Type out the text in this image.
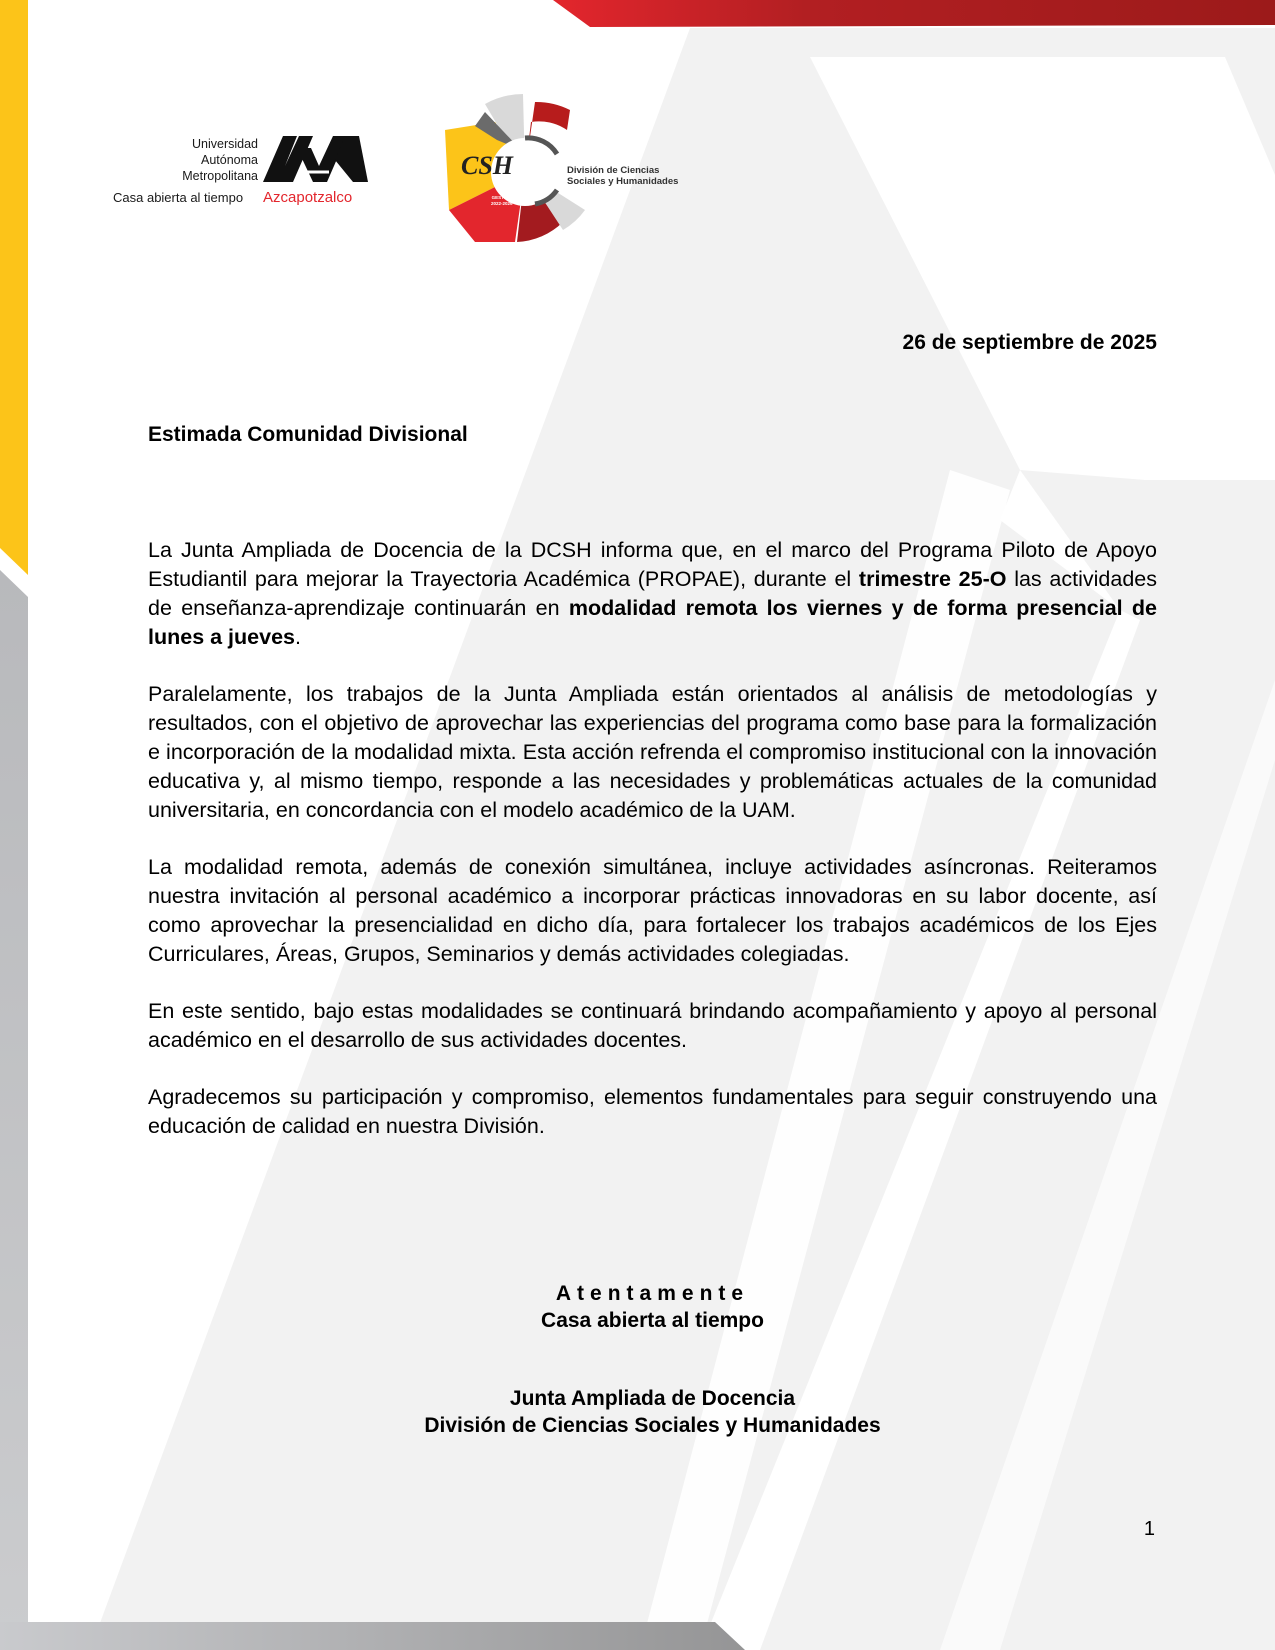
Universidad
Autónoma
Metropolitana
Casa abierta al tiempo Azcapotzalco
CSH	División de Ciencias
Sociales y Humanidades
GESTIÓN
2022-2026
26 de septiembre de 2025
Estimada Comunidad Divisional

La Junta Ampliada de Docencia de la DCSH informa que, en el marco del Programa Piloto de Apoyo Estudiantil para mejorar la Trayectoria Académica (PROPAE), durante el trimestre 25-O las actividades de enseñanza-aprendizaje continuarán en modalidad remota los viernes y de forma presencial de lunes a jueves.

Paralelamente, los trabajos de la Junta Ampliada están orientados al análisis de metodologías y resultados, con el objetivo de aprovechar las experiencias del programa como base para la formalización e incorporación de la modalidad mixta. Esta acción refrenda el compromiso institucional con la innovación educativa y, al mismo tiempo, responde a las necesidades y problemáticas actuales de la comunidad universitaria, en concordancia con el modelo académico de la UAM.

La modalidad remota, además de conexión simultánea, incluye actividades asíncronas. Reiteramos nuestra invitación al personal académico a incorporar prácticas innovadoras en su labor docente, así como aprovechar la presencialidad en dicho día, para fortalecer los trabajos académicos de los Ejes Curriculares, Áreas, Grupos, Seminarios y demás actividades colegiadas.

En este sentido, bajo estas modalidades se continuará brindando acompañamiento y apoyo al personal académico en el desarrollo de sus actividades docentes.

Agradecemos su participación y compromiso, elementos fundamentales para seguir construyendo una educación de calidad en nuestra División.

Atentamente
Casa abierta al tiempo
Junta Ampliada de Docencia
División de Ciencias Sociales y Humanidades
1
